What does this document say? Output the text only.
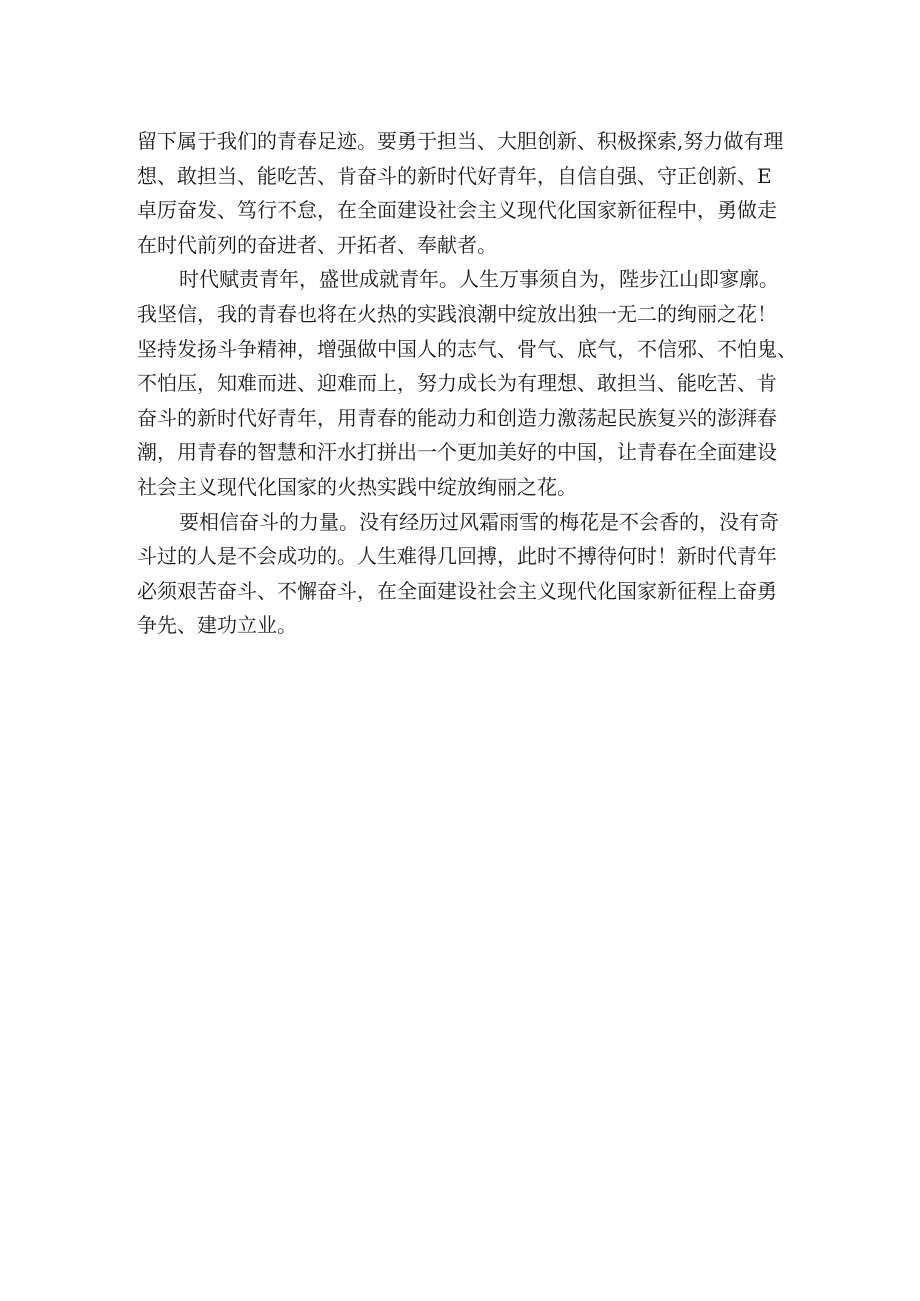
留下属于我们的青春足迹。要勇于担当、大胆创新、积极探索,努力做有理
想、敢担当、能吃苦、肯奋斗的新时代好青年，自信自强、守正创新、E
卓厉奋发、笃行不怠，在全面建设社会主义现代化国家新征程中，勇做走
在时代前列的奋进者、开拓者、奉献者。
时代赋责青年，盛世成就青年。人生万事须自为，陛步江山即寥廓。
我坚信，我的青春也将在火热的实践浪潮中绽放出独一无二的绚丽之花！
坚持发扬斗争精神，增强做中国人的志气、骨气、底气，不信邪、不怕鬼、
不怕压，知难而进、迎难而上，努力成长为有理想、敢担当、能吃苦、肯
奋斗的新时代好青年，用青春的能动力和创造力激荡起民族复兴的澎湃春
潮，用青春的智慧和汗水打拼出一个更加美好的中国，让青春在全面建设
社会主义现代化国家的火热实践中绽放绚丽之花。
要相信奋斗的力量。没有经历过风霜雨雪的梅花是不会香的，没有奇
斗过的人是不会成功的。人生难得几回搏，此时不搏待何时！新时代青年
必须艰苦奋斗、不懈奋斗，在全面建设社会主义现代化国家新征程上奋勇
争先、建功立业。
